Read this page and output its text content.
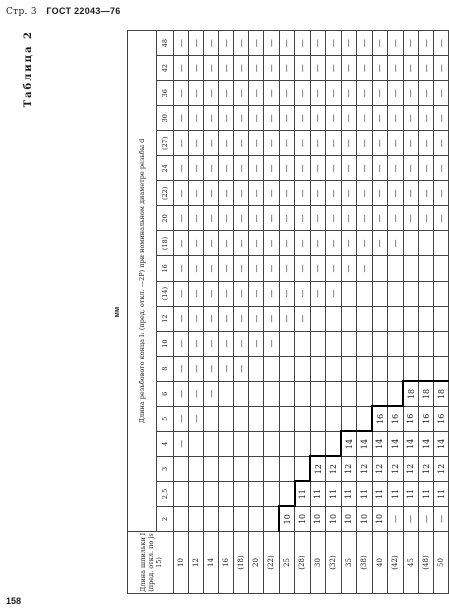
Стр. 3 ГОСТ 22043—76
Таблица 2
мм
Длина шпильки l (пред. откл. по js 15)	Длина резьбового конца l₁ (пред. откл. —2P) при номинальном диаметре резьбы d																			
	2	2,5	3	4	5	6	8	10	12	(14)	16	(18)	20	(22)	24	(27)	30	36	42	48
10				—	—	—	—	—	—	—	—	—	—	—	—	—	—	—	—	—
12					—	—	—	—	—	—	—	—	—	—	—	—	—	—	—	—
14						—	—	—	—	—	—	—	—	—	—	—	—	—	—	—
16							—	—	—	—	—	—	—	—	—	—	—	—	—	—
(18)							—	—	—	—	—	—	—	—	—	—	—	—	—	—
20								—	—	—	—	—	—	—	—	—	—	—	—	—
(22)								—	—	—	—	—	—	—	—	—	—	—	—	—
25	10								—	—	—	—	—	—	—	—	—	—	—	—
(28)	10	11							—	—	—	—	—	—	—	—	—	—	—	—
30	10	11	12							—	—	—	—	—	—	—	—	—	—	—
(32)	10	11	12							—	—	—	—	—	—	—	—	—	—	—
35	10	11	12	14							—	—	—	—	—	—	—	—	—	—
(38)	10	11	12	14							—	—	—	—	—	—	—	—	—	—
40	10	11	12	14	16							—	—	—	—	—	—	—	—	—
(42)	—	11	12	14	16							—	—	—	—	—	—	—	—	—
45	—	11	12	14	16	18							—	—	—	—	—	—	—	—
(48)	—	11	12	14	16	18							—	—	—	—	—	—	—	—
50	—	11	12	14	16	18							—	—	—	—	—	—	—	—
158
